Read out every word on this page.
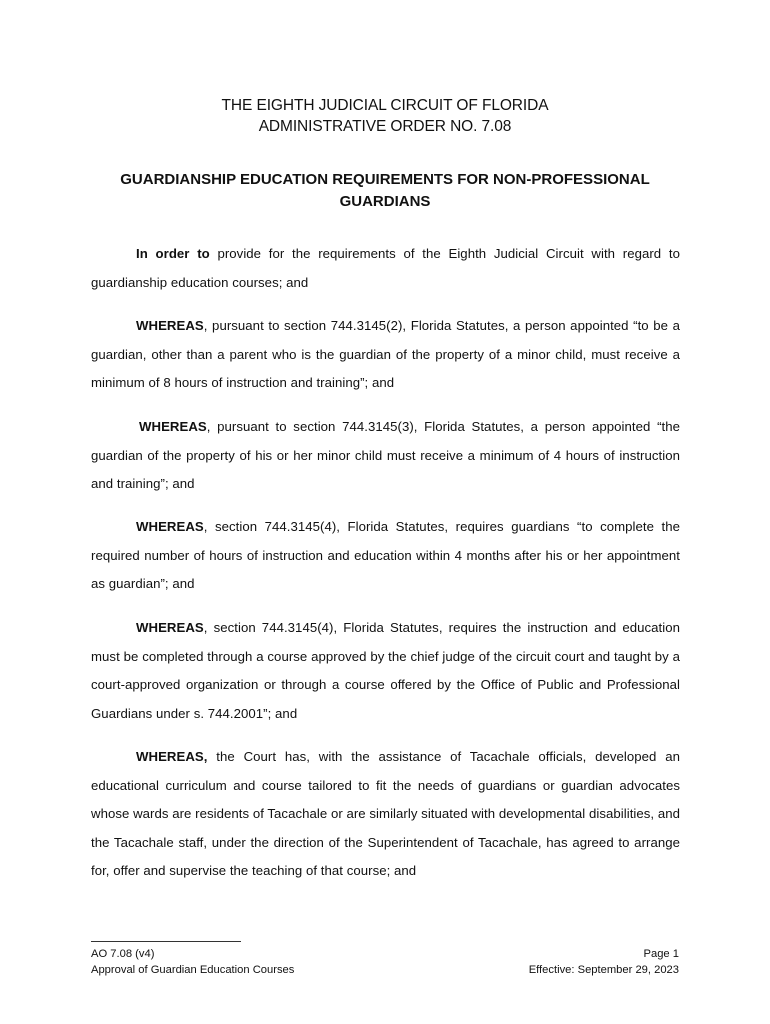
THE EIGHTH JUDICIAL CIRCUIT OF FLORIDA
ADMINISTRATIVE ORDER NO. 7.08
GUARDIANSHIP EDUCATION REQUIREMENTS FOR NON-PROFESSIONAL GUARDIANS
In order to provide for the requirements of the Eighth Judicial Circuit with regard to guardianship education courses; and
WHEREAS, pursuant to section 744.3145(2), Florida Statutes, a person appointed “to be a guardian, other than a parent who is the guardian of the property of a minor child, must receive a minimum of 8 hours of instruction and training”; and
WHEREAS, pursuant to section 744.3145(3), Florida Statutes, a person appointed “the guardian of the property of his or her minor child must receive a minimum of 4 hours of instruction and training”; and
WHEREAS, section 744.3145(4), Florida Statutes, requires guardians “to complete the required number of hours of instruction and education within 4 months after his or her appointment as guardian”; and
WHEREAS, section 744.3145(4), Florida Statutes, requires the instruction and education must be completed through a course approved by the chief judge of the circuit court and taught by a court-approved organization or through a course offered by the Office of Public and Professional Guardians under s. 744.2001”; and
WHEREAS, the Court has, with the assistance of Tacachale officials, developed an educational curriculum and course tailored to fit the needs of guardians or guardian advocates whose wards are residents of Tacachale or are similarly situated with developmental disabilities, and the Tacachale staff, under the direction of the Superintendent of Tacachale, has agreed to arrange for, offer and supervise the teaching of that course; and
AO 7.08 (v4)
Approval of Guardian Education Courses
Page 1
Effective: September 29, 2023
